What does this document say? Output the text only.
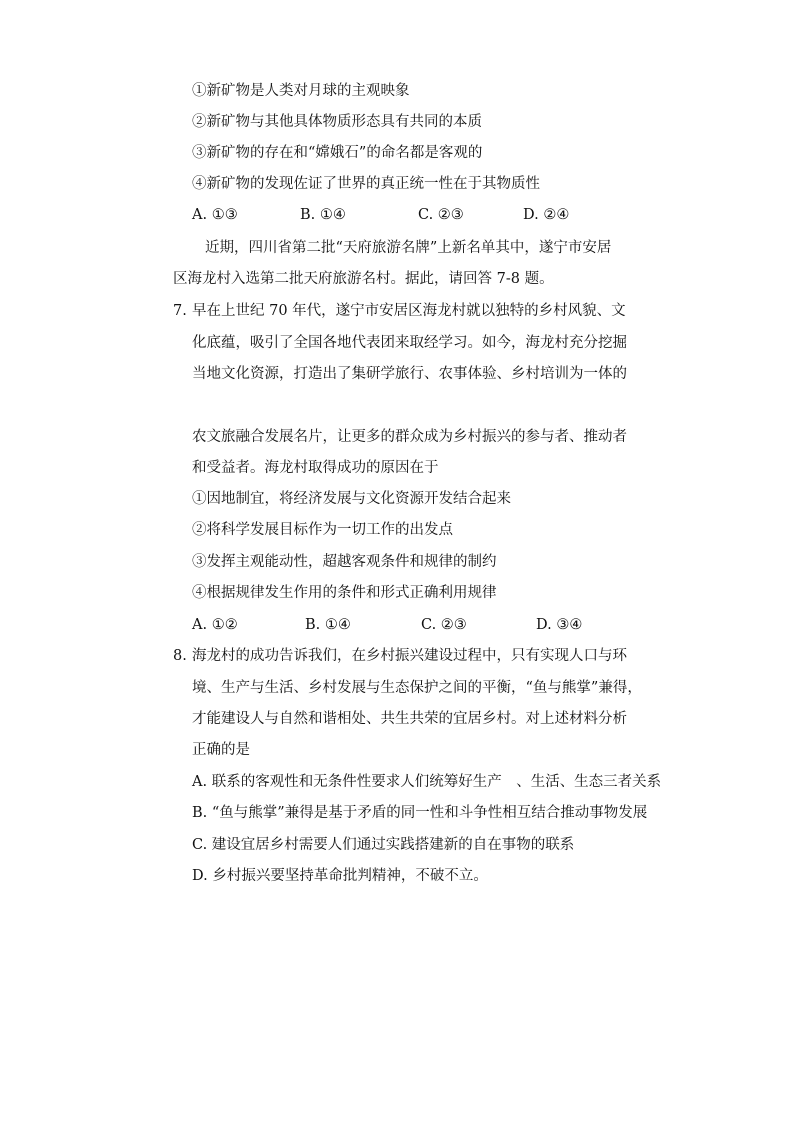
①新矿物是人类对月球的主观映象
②新矿物与其他具体物质形态具有共同的本质
③新矿物的存在和“嫦娥石”的命名都是客观的
④新矿物的发现佐证了世界的真正统一性在于其物质性
A. ①③	B. ①④	C. ②③	D. ②④
近期，四川省第二批“天府旅游名牌”上新名单其中，遂宁市安居
区海龙村入选第二批天府旅游名村。据此，请回答 7-8 题。
7. 早在上世纪 70 年代，遂宁市安居区海龙村就以独特的乡村风貌、文
化底蕴，吸引了全国各地代表团来取经学习。如今，海龙村充分挖掘
当地文化资源，打造出了集研学旅行、农事体验、乡村培训为一体的
农文旅融合发展名片，让更多的群众成为乡村振兴的参与者、推动者
和受益者。海龙村取得成功的原因在于
①因地制宜，将经济发展与文化资源开发结合起来
②将科学发展目标作为一切工作的出发点
③发挥主观能动性，超越客观条件和规律的制约
④根据规律发生作用的条件和形式正确利用规律
A. ①②	B. ①④	C. ②③	D. ③④
8. 海龙村的成功告诉我们，在乡村振兴建设过程中，只有实现人口与环
境、生产与生活、乡村发展与生态保护之间的平衡，“鱼与熊掌”兼得，
才能建设人与自然和谐相处、共生共荣的宜居乡村。对上述材料分析
正确的是
A. 联系的客观性和无条件性要求人们统筹好生产　、生活、生态三者关系
B. “鱼与熊掌”兼得是基于矛盾的同一性和斗争性相互结合推动事物发展
C. 建设宜居乡村需要人们通过实践搭建新的自在事物的联系
D. 乡村振兴要坚持革命批判精神，不破不立。
